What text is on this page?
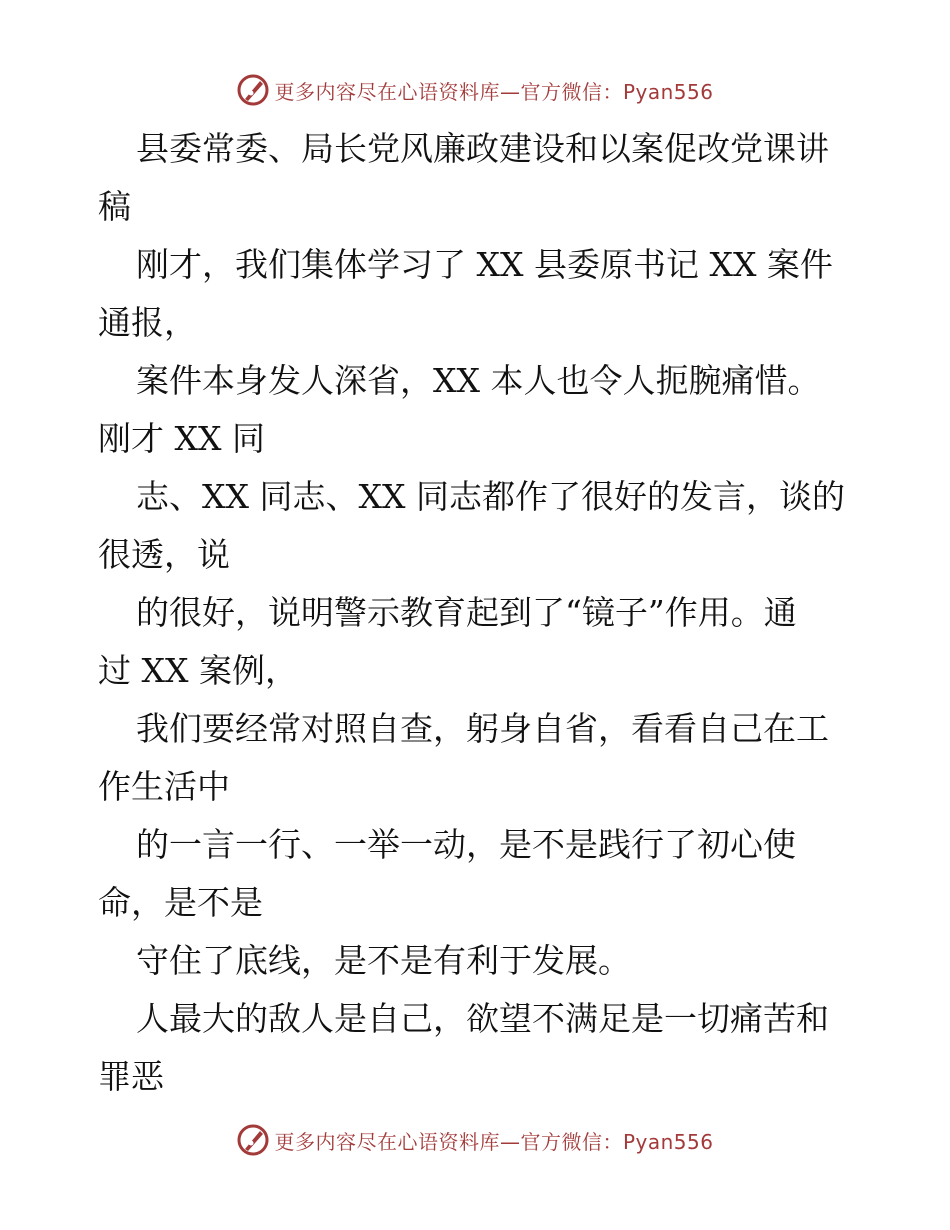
更多内容尽在心语资料库—官方微信：Pyan556

县委常委、局长党风廉政建设和以案促改党课讲
稿

刚才，我们集体学习了 XX 县委原书记 XX 案件
通报，

案件本身发人深省，XX 本人也令人扼腕痛惜。
刚才 XX 同

志、XX 同志、XX 同志都作了很好的发言，谈的
很透，说

的很好，说明警示教育起到了“镜子”作用。通
过 XX 案例，

我们要经常对照自查，躬身自省，看看自己在工
作生活中

的一言一行、一举一动，是不是践行了初心使
命，是不是

守住了底线，是不是有利于发展。

人最大的敌人是自己，欲望不满足是一切痛苦和
罪恶

更多内容尽在心语资料库—官方微信：Pyan556
